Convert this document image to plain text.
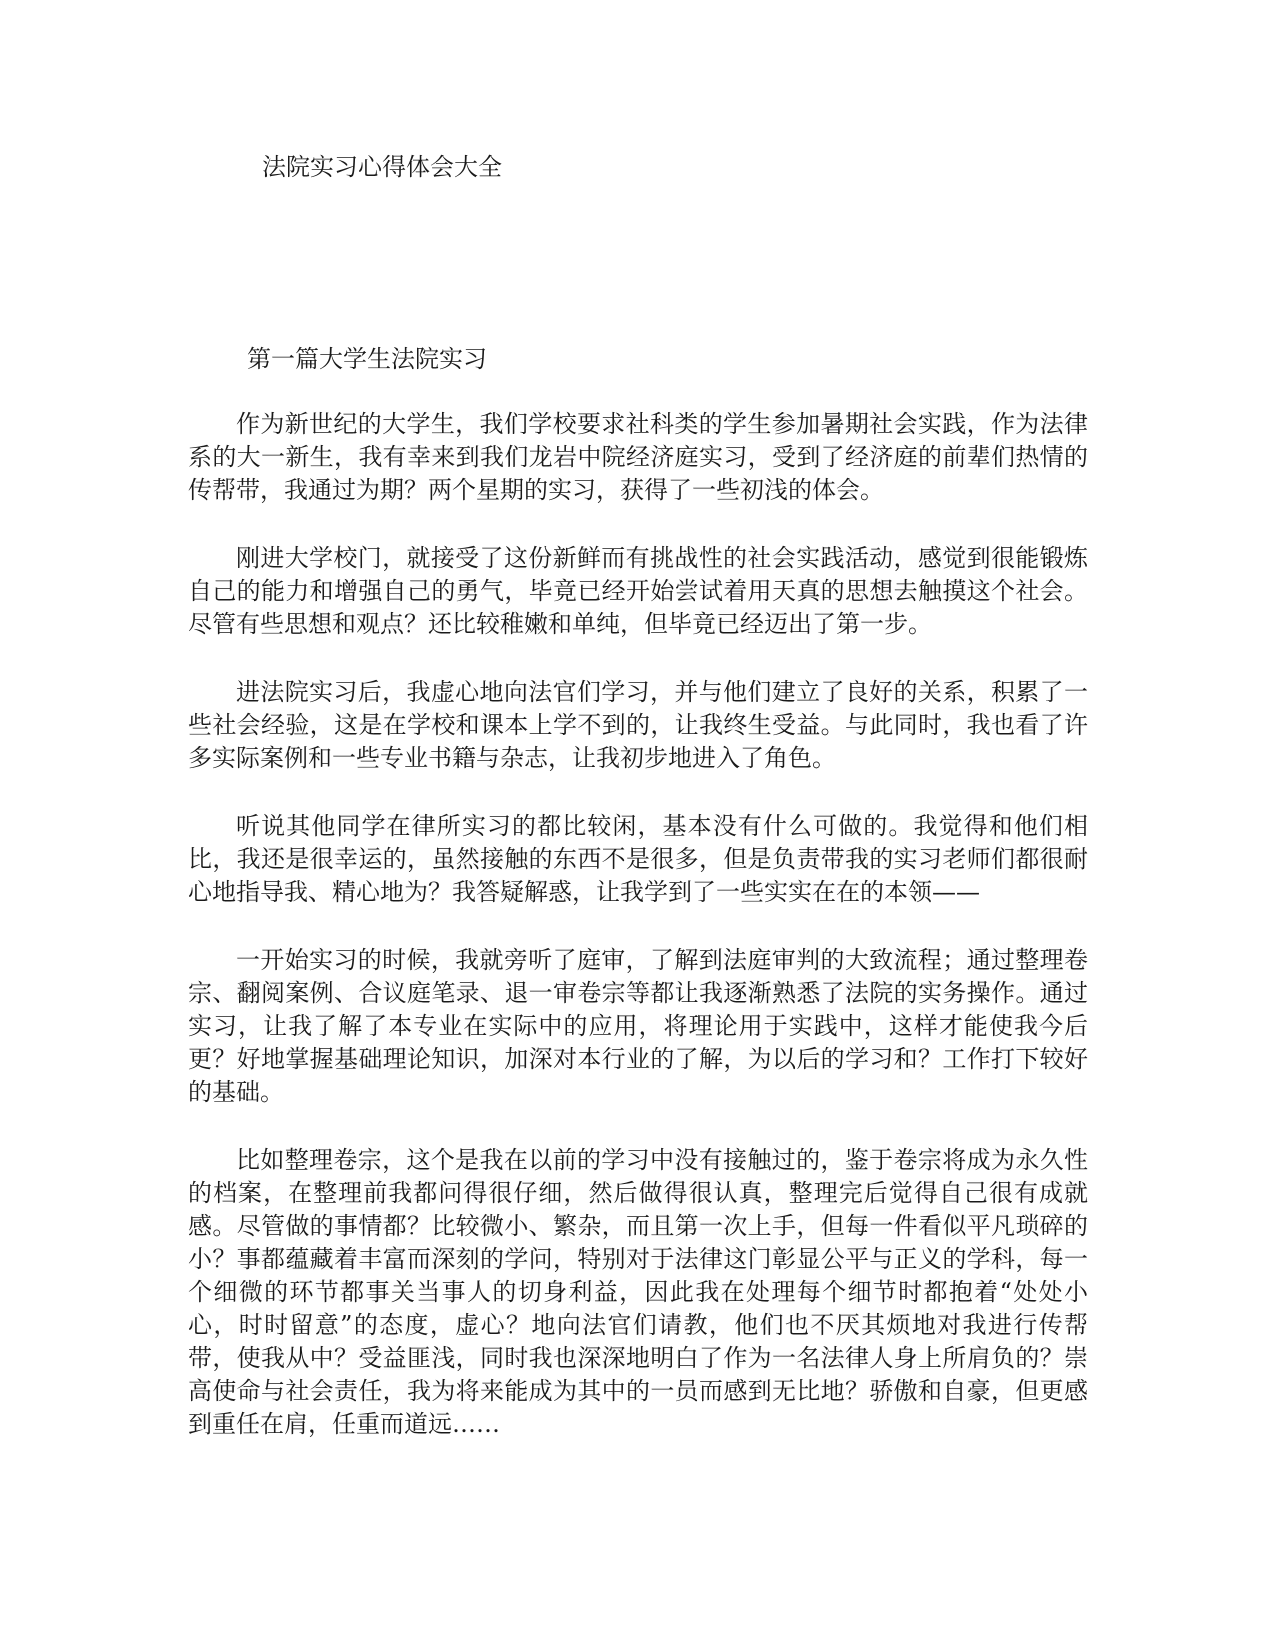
法院实习心得体会大全
第一篇大学生法院实习

作为新世纪的大学生，我们学校要求社科类的学生参加暑期社会实践，作为法律系的大一新生，我有幸来到我们龙岩中院经济庭实习，受到了经济庭的前辈们热情的传帮带，我通过为期？两个星期的实习，获得了一些初浅的体会。

刚进大学校门，就接受了这份新鲜而有挑战性的社会实践活动，感觉到很能锻炼自己的能力和增强自己的勇气，毕竟已经开始尝试着用天真的思想去触摸这个社会。尽管有些思想和观点？还比较稚嫩和单纯，但毕竟已经迈出了第一步。

进法院实习后，我虚心地向法官们学习，并与他们建立了良好的关系，积累了一些社会经验，这是在学校和课本上学不到的，让我终生受益。与此同时，我也看了许多实际案例和一些专业书籍与杂志，让我初步地进入了角色。

听说其他同学在律所实习的都比较闲，基本没有什么可做的。我觉得和他们相比，我还是很幸运的，虽然接触的东西不是很多，但是负责带我的实习老师们都很耐心地指导我、精心地为？我答疑解惑，让我学到了一些实实在在的本领——

一开始实习的时候，我就旁听了庭审，了解到法庭审判的大致流程；通过整理卷宗、翻阅案例、合议庭笔录、退一审卷宗等都让我逐渐熟悉了法院的实务操作。通过实习，让我了解了本专业在实际中的应用，将理论用于实践中，这样才能使我今后更？好地掌握基础理论知识，加深对本行业的了解，为以后的学习和？工作打下较好的基础。

比如整理卷宗，这个是我在以前的学习中没有接触过的，鉴于卷宗将成为永久性的档案，在整理前我都问得很仔细，然后做得很认真，整理完后觉得自己很有成就感。尽管做的事情都？比较微小、繁杂，而且第一次上手，但每一件看似平凡琐碎的小？事都蕴藏着丰富而深刻的学问，特别对于法律这门彰显公平与正义的学科，每一个细微的环节都事关当事人的切身利益，因此我在处理每个细节时都抱着“处处小心，时时留意”的态度，虚心？地向法官们请教，他们也不厌其烦地对我进行传帮带，使我从中？受益匪浅，同时我也深深地明白了作为一名法律人身上所肩负的？崇高使命与社会责任，我为将来能成为其中的一员而感到无比地？骄傲和自豪，但更感到重任在肩，任重而道远……
